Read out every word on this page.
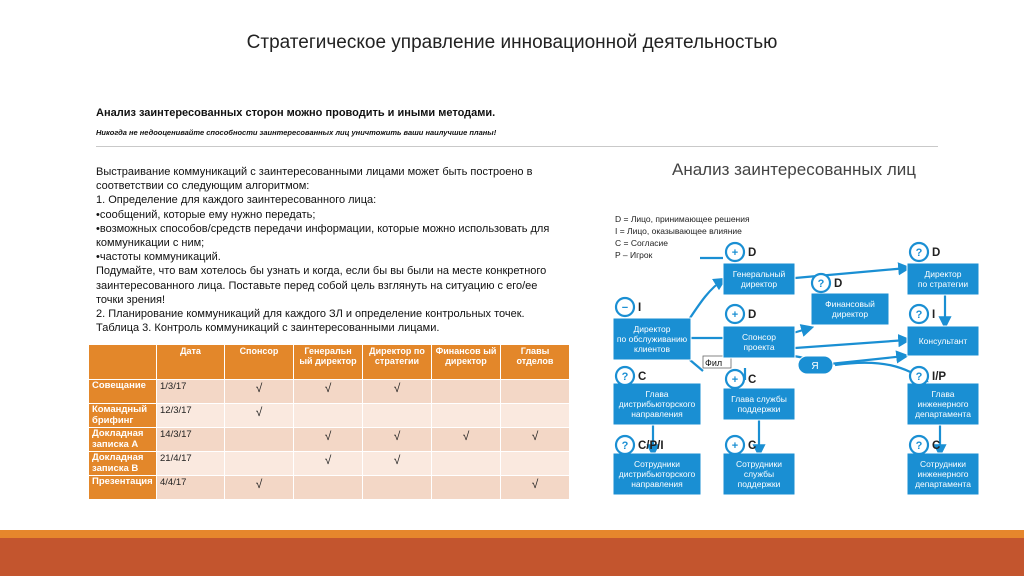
Стратегическое управление инновационной деятельностью
Анализ заинтересованных сторон можно проводить и иными методами.
Никогда не недооценивайте способности заинтересованных лиц уничтожить ваши наилучшие планы!
Выстраивание коммуникаций с заинтересованными лицами может быть построено в соответствии со следующим алгоритмом:
1. Определение для каждого заинтересованного лица:
•сообщений, которые ему нужно передать;
•возможных способов/средств передачи информации, которые можно использовать для коммуникации с ним;
•частоты коммуникаций.
Подумайте, что вам хотелось бы узнать и когда, если бы вы были на месте конкретного заинтересованного лица. Поставьте перед собой цель взглянуть на ситуацию с его/ее точки зрения!
2. Планирование коммуникаций для каждого ЗЛ и определение контрольных точек. Таблица 3. Контроль коммуникаций с заинтересованными лицами.
Анализ заинтересованных лиц
	Дата	Спонсор	Генеральн ый директор	Директор по стратегии	Финансов ый директор	Главы отделов
Совещание	1/3/17	√	√	√		
Командный брифинг	12/3/17	√				
Докладная записка А	14/3/17		√	√	√	√
Докладная записка В	21/4/17		√	√		
Презентация	4/4/17	√				√
D = Лицо, принимающее решения
I = Лицо, оказывающее влияние
C = Согласие
P – Игрок
Я
Фил
Генеральный
директор
+ D
Директор
по стратегии
? D
Финансовый
директор
? D
Директор
по обслуживанию
клиентов
− I
Спонсор
проекта
+ D
Консультант
? I
Глава
дистрибьюторского
направления
? C
Глава службы
поддержки
+ C
Глава
инженерного
департамента
? I/P
Сотрудники
дистрибьюторского
направления
? C/P/I
Сотрудники
службы
поддержки
+ C
Сотрудники
инженерного
департамента
? C
